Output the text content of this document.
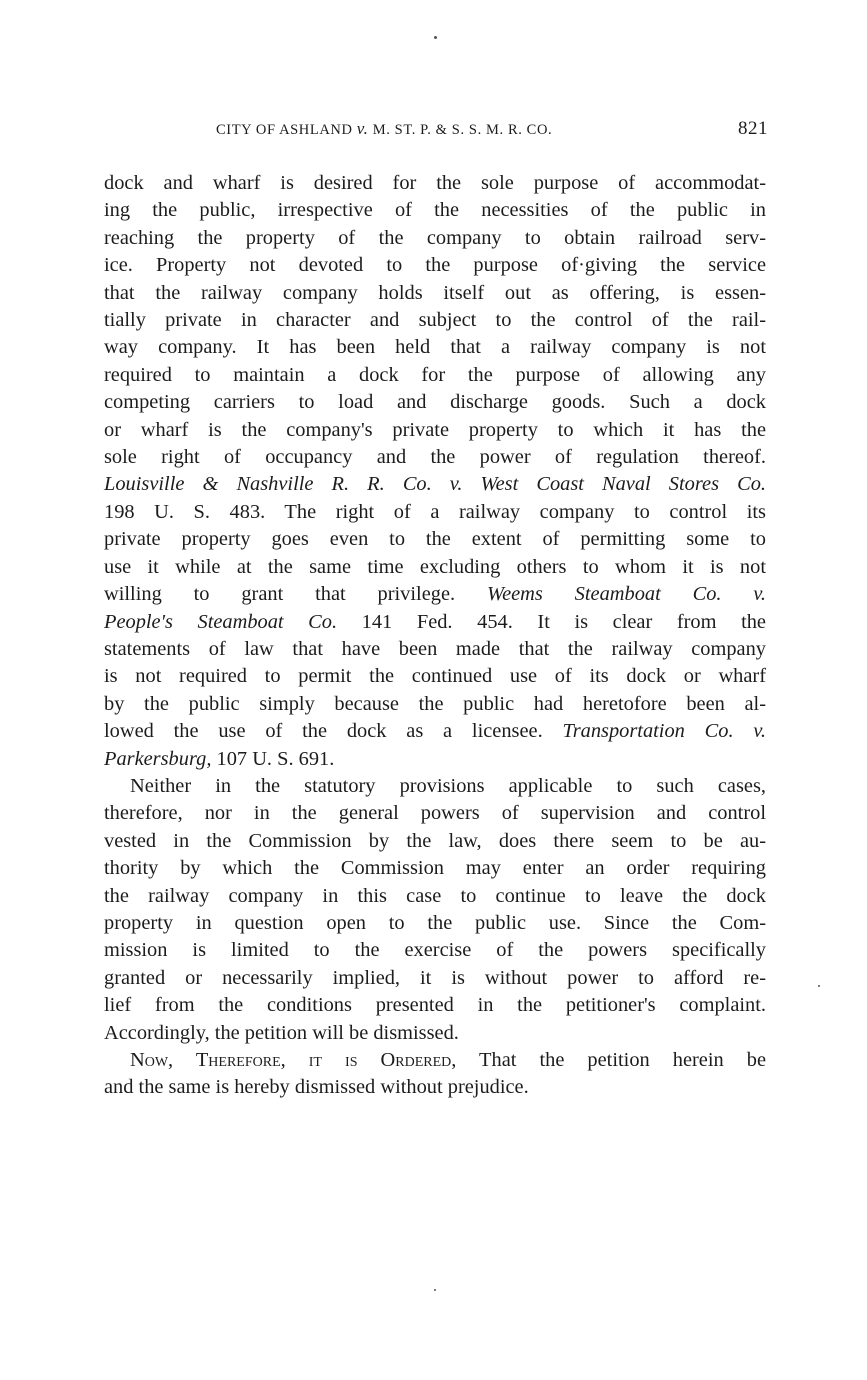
CITY OF ASHLAND v. M. ST. P. & S. S. M. R. CO.	821
dock and wharf is desired for the sole purpose of accommodat-
ing the public, irrespective of the necessities of the public in
reaching the property of the company to obtain railroad serv-
ice. Property not devoted to the purpose of·giving the service
that the railway company holds itself out as offering, is essen-
tially private in character and subject to the control of the rail-
way company. It has been held that a railway company is not
required to maintain a dock for the purpose of allowing any
competing carriers to load and discharge goods. Such a dock
or wharf is the company's private property to which it has the
sole right of occupancy and the power of regulation thereof.
Louisville & Nashville R. R. Co. v. West Coast Naval Stores Co.
198 U. S. 483. The right of a railway company to control its
private property goes even to the extent of permitting some to
use it while at the same time excluding others to whom it is not
willing to grant that privilege. Weems Steamboat Co. v.
People's Steamboat Co. 141 Fed. 454. It is clear from the
statements of law that have been made that the railway company
is not required to permit the continued use of its dock or wharf
by the public simply because the public had heretofore been al-
lowed the use of the dock as a licensee. Transportation Co. v.
Parkersburg, 107 U. S. 691.
Neither in the statutory provisions applicable to such cases,
therefore, nor in the general powers of supervision and control
vested in the Commission by the law, does there seem to be au-
thority by which the Commission may enter an order requiring
the railway company in this case to continue to leave the dock
property in question open to the public use. Since the Com-
mission is limited to the exercise of the powers specifically
granted or necessarily implied, it is without power to afford re-
lief from the conditions presented in the petitioner's complaint.
Accordingly, the petition will be dismissed.
Now, Therefore, it is Ordered, That the petition herein be
and the same is hereby dismissed without prejudice.
